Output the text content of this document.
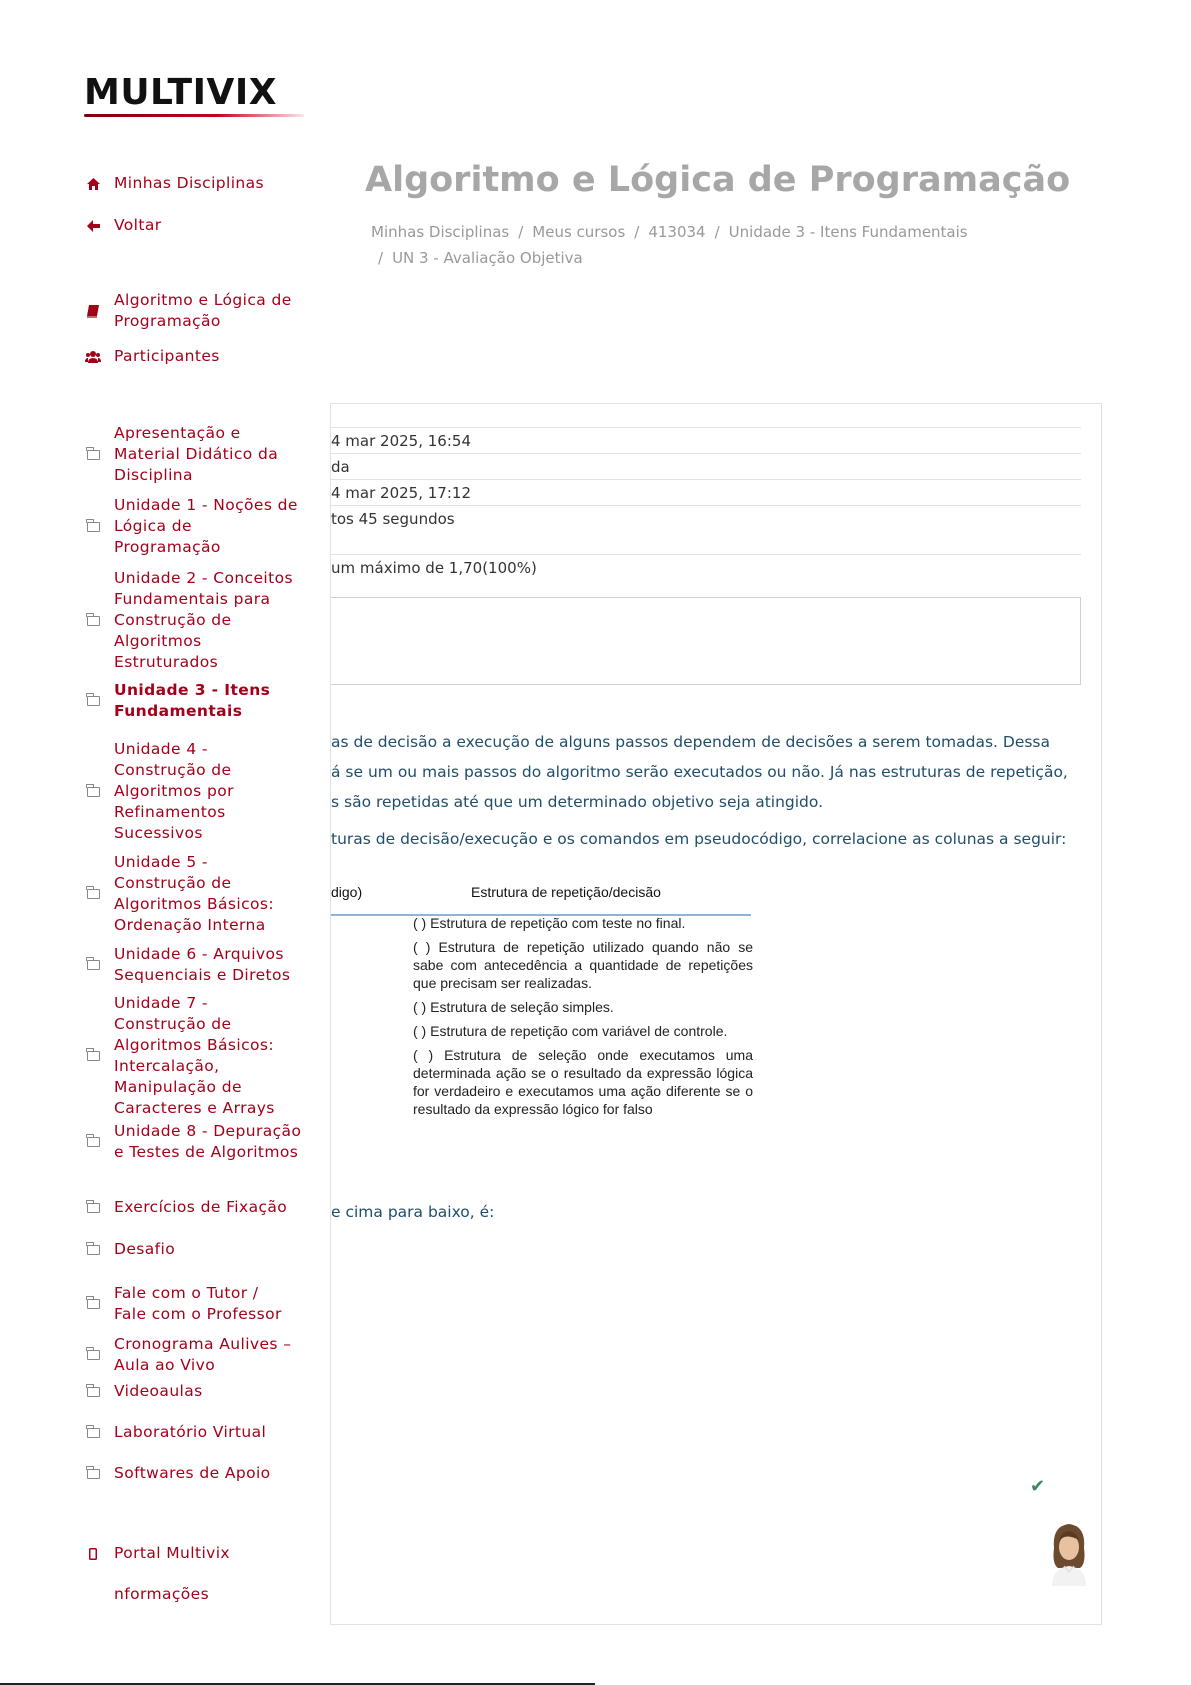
MULTIVIX
Minhas Disciplinas
Voltar
Algoritmo e Lógica de Programação
Participantes
Apresentação e Material Didático da Disciplina
Unidade 1 - Noções de Lógica de Programação
Unidade 2 - Conceitos Fundamentais para Construção de Algoritmos Estruturados
Unidade 3 - Itens Fundamentais
Unidade 4 - Construção de Algoritmos por Refinamentos Sucessivos
Unidade 5 - Construção de Algoritmos Básicos: Ordenação Interna
Unidade 6 - Arquivos Sequenciais e Diretos
Unidade 7 - Construção de Algoritmos Básicos: Intercalação, Manipulação de Caracteres e Arrays
Unidade 8 - Depuração e Testes de Algoritmos
Exercícios de Fixação
Desafio
Fale com o Tutor / Fale com o Professor
Cronograma Aulives – Aula ao Vivo
Videoaulas
Laboratório Virtual
Softwares de Apoio
Portal Multivix
nformações
Algoritmo e Lógica de Programação
Minhas Disciplinas / Meus cursos / 413034 / Unidade 3 - Itens Fundamentais
/ UN 3 - Avaliação Objetiva
4 mar 2025, 16:54
da
4 mar 2025, 17:12
tos 45 segundos
um máximo de 1,70(100%)
as de decisão a execução de alguns passos dependem de decisões a serem tomadas. Dessa
á se um ou mais passos do algoritmo serão executados ou não. Já nas estruturas de repetição,
s são repetidas até que um determinado objetivo seja atingido.
turas de decisão/execução e os comandos em pseudocódigo, correlacione as colunas a seguir:
digo)	Estrutura de repetição/decisão
( ) Estrutura de repetição com teste no final.
( ) Estrutura de repetição utilizado quando não se sabe com antecedência a quantidade de repetições que precisam ser realizadas.
( ) Estrutura de seleção simples.
( ) Estrutura de repetição com variável de controle.
( ) Estrutura de seleção onde executamos uma determinada ação se o resultado da expressão lógica for verdadeiro e executamos uma ação diferente se o resultado da expressão lógico for falso
e cima para baixo, é:
✔
